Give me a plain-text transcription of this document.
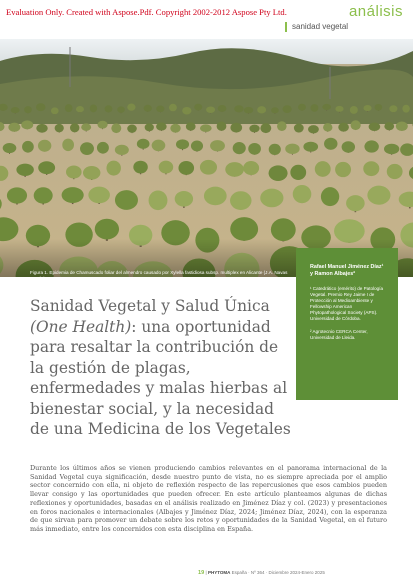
Evaluation Only. Created with Aspose.Pdf. Copyright 2002-2012 Aspose Pty Ltd.	análisis
sanidad vegetal
Figura 1. Epidemia de Chamuscado foliar del almendro causado por Xylella fastidiosa subsp. multiplex en Alicante (J.A. Navas Cortés).
Rafael Manuel Jiménez Díaz¹ y Ramon Albajes²
¹ Catedrático (emérito) de Patología Vegetal. Premio Rey Jaime I de Protección al Medioambiente y Fellowship American Phytopathological Society (APS). Universidad de Córdoba.
² Agrotecnio CERCA Center, Universidad de Lleida.
Sanidad Vegetal y Salud Única (One Health): una oportunidad para resaltar la contribución de la gestión de plagas, enfermedades y malas hierbas al bienestar social, y la necesidad de una Medicina de los Vegetales

Durante los últimos años se vienen produciendo cambios relevantes en el panorama internacional de la Sanidad Vegetal cuya significación, desde nuestro punto de vista, no es siempre apreciada por el amplio sector concernido con ella, ni objeto de reflexión respecto de las repercusiones que esos cambios pueden llevar consigo y las oportunidades que pueden ofrecer. En este artículo planteamos algunas de dichas reflexiones y oportunidades, basadas en el análisis realizado en Jiménez Díaz y col. (2023) y presentaciones en foros nacionales e internacionales (Albajes y Jiménez Díaz, 2024; Jiménez Díaz, 2024), con la esperanza de que sirvan para promover un debate sobre los retos y oportunidades de la Sanidad Vegetal, en el futuro más inmediato, entre los concernidos con esta disciplina en España.

19 | PHYTOMA España · Nº 364 · Diciembre 2024-Enero 2025
